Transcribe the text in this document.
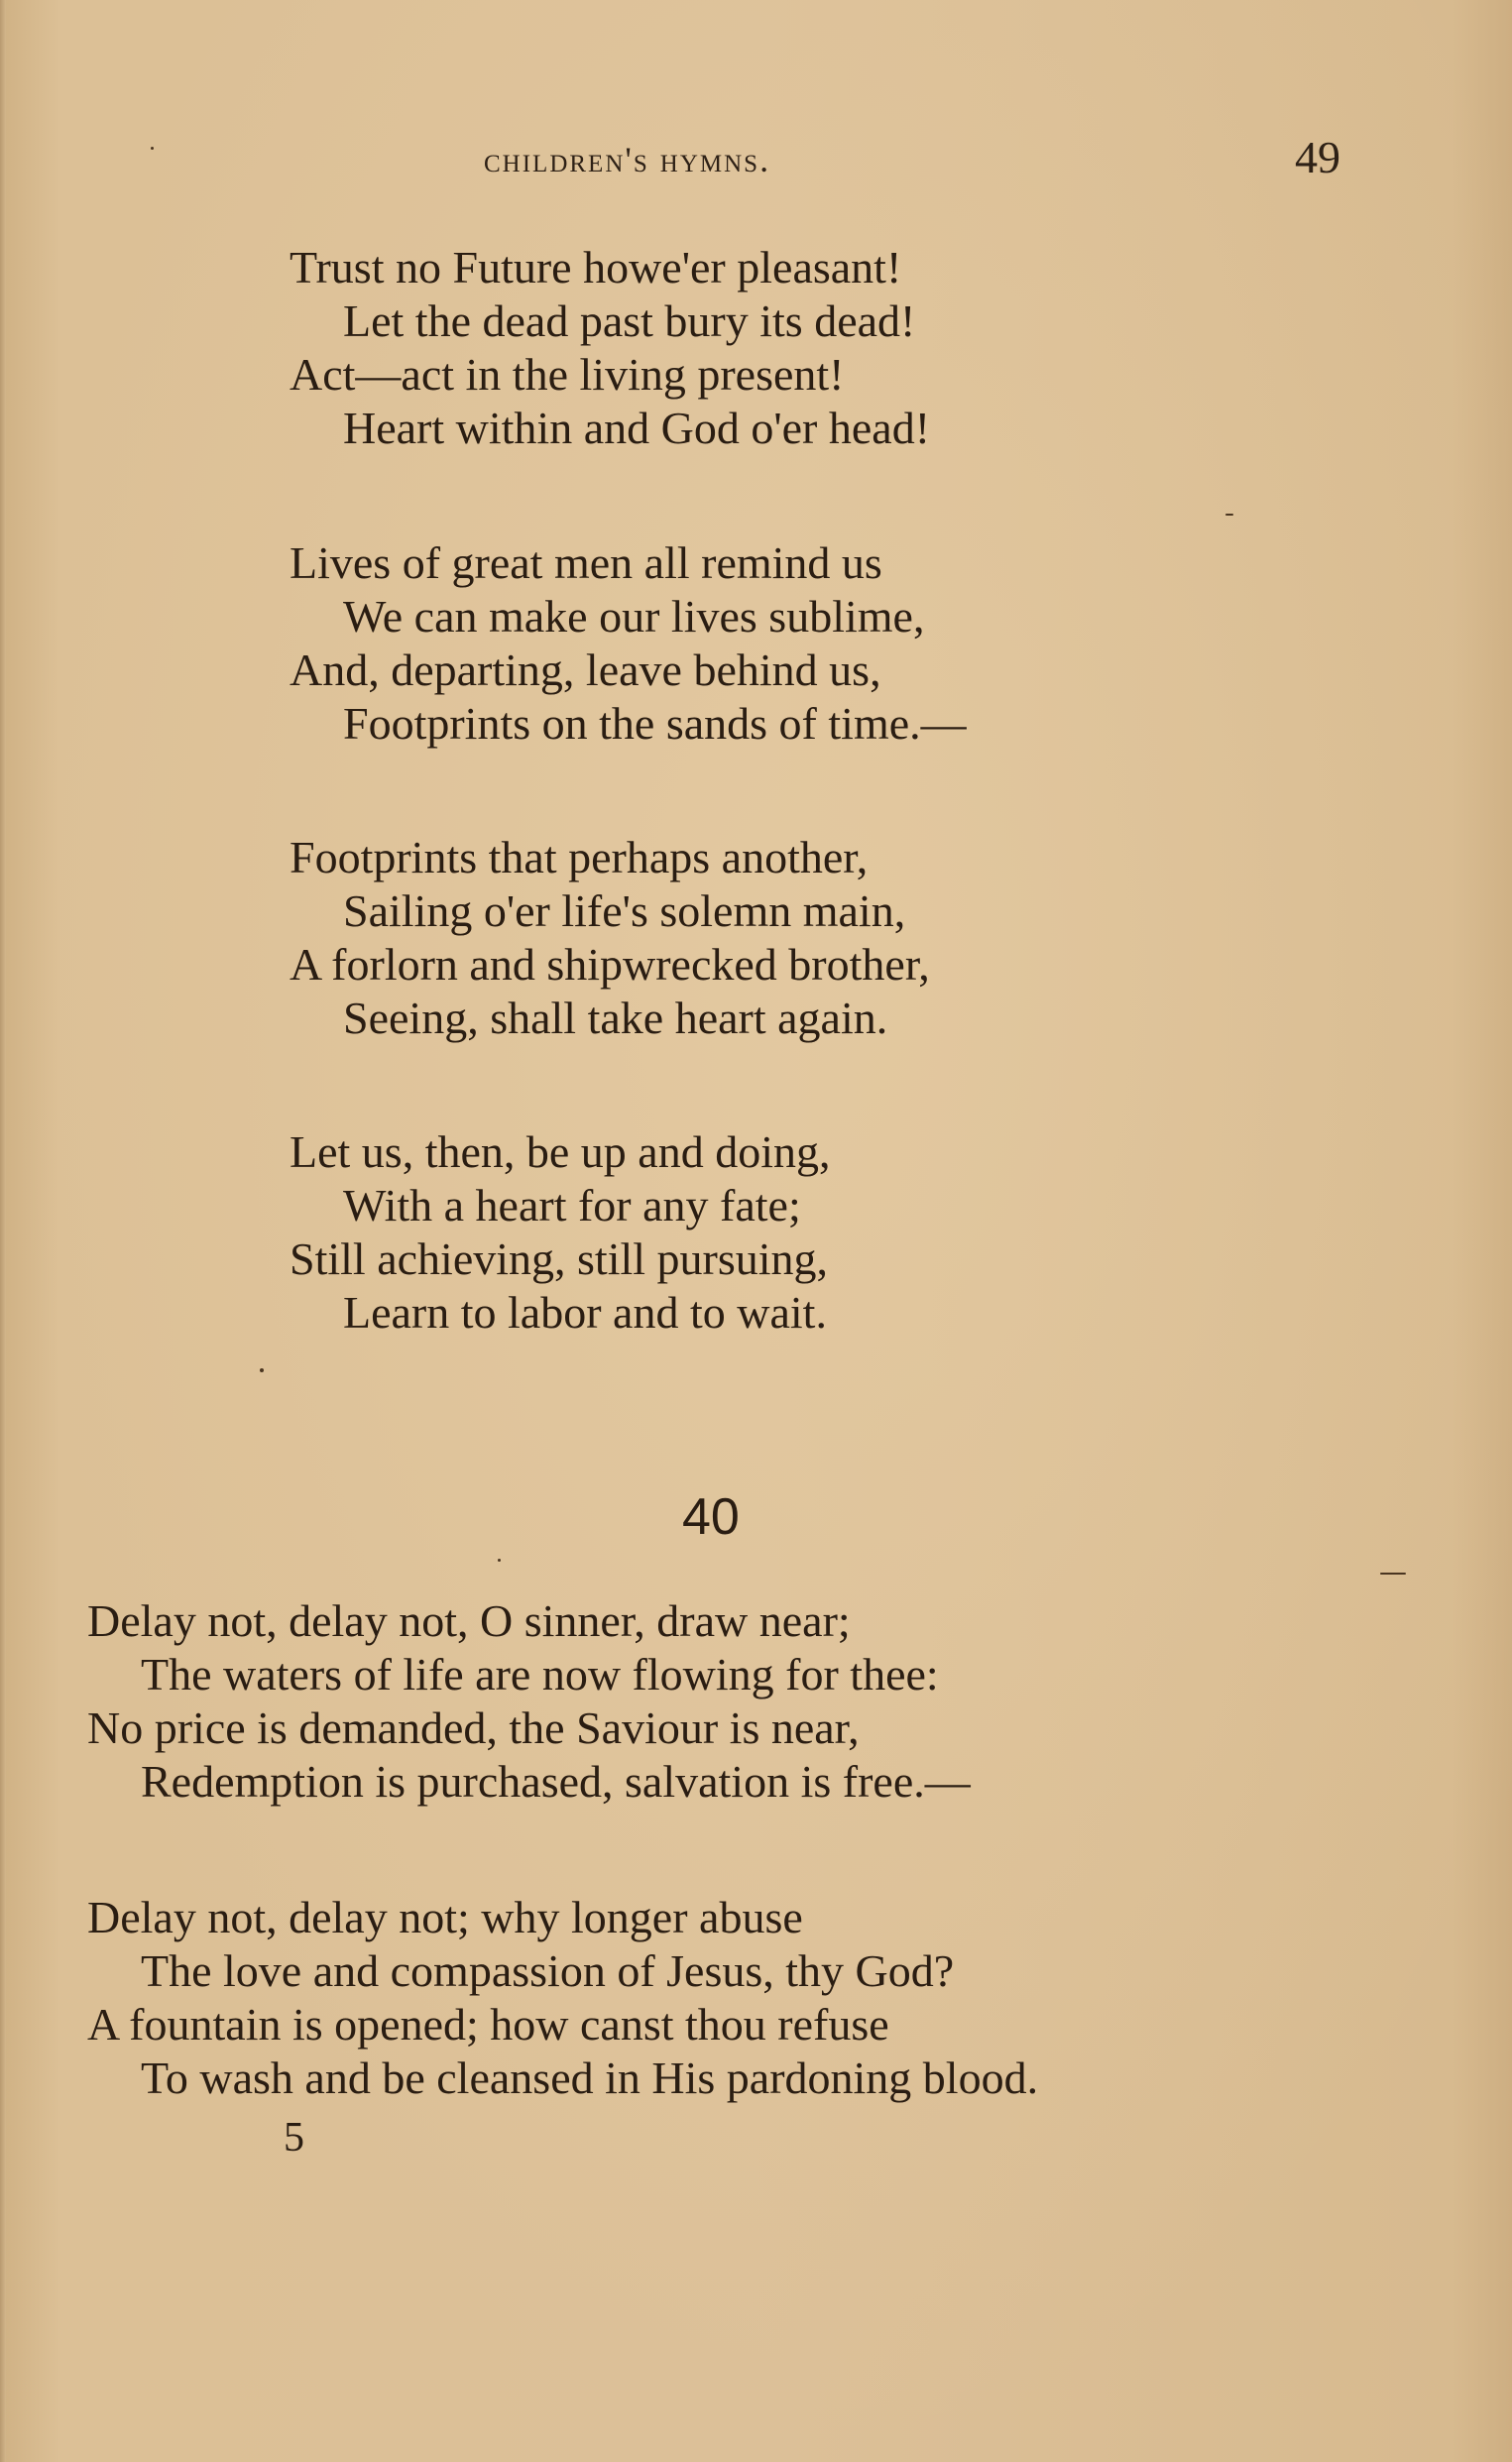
children's hymns.	49
Trust no Future howe'er pleasant!
Let the dead past bury its dead!
Act—act in the living present!
Heart within and God o'er head!
Lives of great men all remind us
We can make our lives sublime,
And, departing, leave behind us,
Footprints on the sands of time.—
Footprints that perhaps another,
Sailing o'er life's solemn main,
A forlorn and shipwrecked brother,
Seeing, shall take heart again.
Let us, then, be up and doing,
With a heart for any fate;
Still achieving, still pursuing,
Learn to labor and to wait.
40
Delay not, delay not, O sinner, draw near;
The waters of life are now flowing for thee:
No price is demanded, the Saviour is near,
Redemption is purchased, salvation is free.—
Delay not, delay not; why longer abuse
The love and compassion of Jesus, thy God?
A fountain is opened; how canst thou refuse
To wash and be cleansed in His pardoning blood.
5
